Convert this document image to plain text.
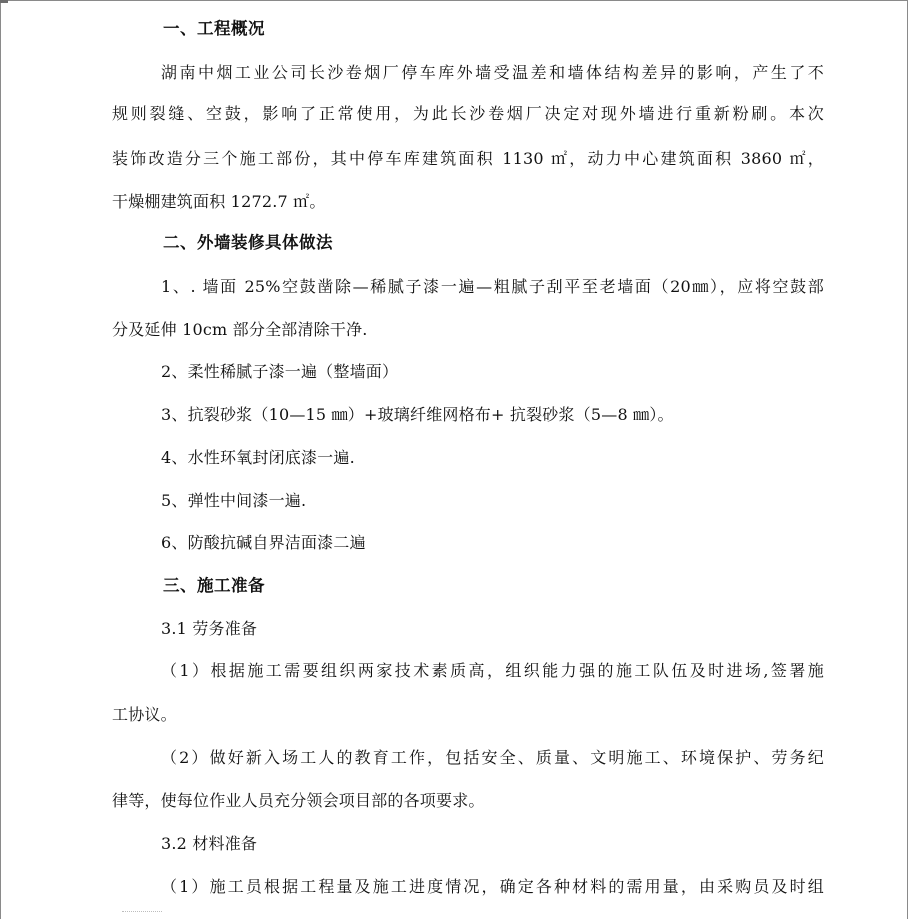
一、工程概况
湖南中烟工业公司长沙卷烟厂停车库外墙受温差和墙体结构差异的影响，产生了不
规则裂缝、空鼓，影响了正常使用，为此长沙卷烟厂决定对现外墙进行重新粉刷。本次
装饰改造分三个施工部份，其中停车库建筑面积 1130 ㎡，动力中心建筑面积 3860 ㎡，
干燥棚建筑面积 1272.7 ㎡。
二、外墙装修具体做法
1、. 墙面 25%空鼓凿除—稀腻子漆一遍—粗腻子刮平至老墙面（20㎜），应将空鼓部
分及延伸 10cm 部分全部清除干净.
2、柔性稀腻子漆一遍（整墙面）
3、抗裂砂浆（10—15 ㎜）+玻璃纤维网格布+ 抗裂砂浆（5—8 ㎜）。
4、水性环氧封闭底漆一遍.
5、弹性中间漆一遍.
6、防酸抗碱自界洁面漆二遍
三、施工准备
3.1 劳务准备
（1）根据施工需要组织两家技术素质高，组织能力强的施工队伍及时进场,签署施
工协议。
（2）做好新入场工人的教育工作，包括安全、质量、文明施工、环境保护、劳务纪
律等，使每位作业人员充分领会项目部的各项要求。
3.2 材料准备
（1）施工员根据工程量及施工进度情况，确定各种材料的需用量，由采购员及时组
